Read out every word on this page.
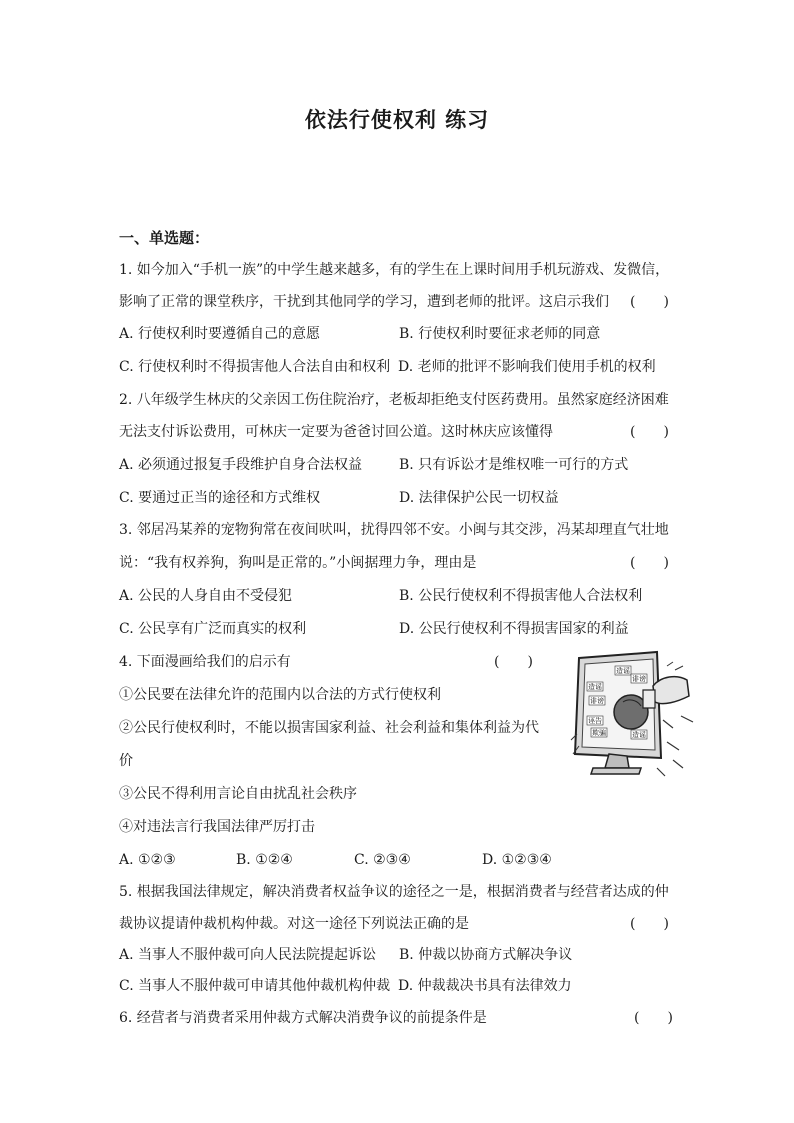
依法行使权利 练习
一、单选题：
1. 如今加入“手机一族”的中学生越来越多，有的学生在上课时间用手机玩游戏、发微信，
影响了正常的课堂秩序，干扰到其他同学的学习，遭到老师的批评。这启示我们 (　　)
A. 行使权利时要遵循自己的意愿	B. 行使权利时要征求老师的同意
C. 行使权利时不得损害他人合法自由和权利 D. 老师的批评不影响我们使用手机的权利
2. 八年级学生林庆的父亲因工伤住院治疗，老板却拒绝支付医药费用。虽然家庭经济困难
无法支付诉讼费用，可林庆一定要为爸爸讨回公道。这时林庆应该懂得	(　　)
A. 必须通过报复手段维护自身合法权益	B. 只有诉讼才是维权唯一可行的方式
C. 要通过正当的途径和方式维权	D. 法律保护公民一切权益
3. 邻居冯某养的宠物狗常在夜间吠叫，扰得四邻不安。小闽与其交涉，冯某却理直气壮地
说：“我有权养狗，狗叫是正常的。”小闽据理力争，理由是	(　　)
A. 公民的人身自由不受侵犯	B. 公民行使权利不得损害他人合法权利
C. 公民享有广泛而真实的权利	D. 公民行使权利不得损害国家的利益
4. 下面漫画给我们的启示有	(　　)
①公民要在法律允许的范围内以合法的方式行使权利
②公民行使权利时，不能以损害国家利益、社会利益和集体利益为代
价
③公民不得利用言论自由扰乱社会秩序
④对违法言行我国法律严厉打击
A. ①②③	B. ①②④	C. ②③④	D. ①②③④
造谣
诽谤
诬告
欺骗
造谣
诽谤
造谣
5. 根据我国法律规定，解决消费者权益争议的途径之一是，根据消费者与经营者达成的仲
裁协议提请仲裁机构仲裁。对这一途径下列说法正确的是	(　　)
A. 当事人不服仲裁可向人民法院提起诉讼 B. 仲裁以协商方式解决争议
C. 当事人不服仲裁可申请其他仲裁机构仲裁 D. 仲裁裁决书具有法律效力
6. 经营者与消费者采用仲裁方式解决消费争议的前提条件是	(　　)
